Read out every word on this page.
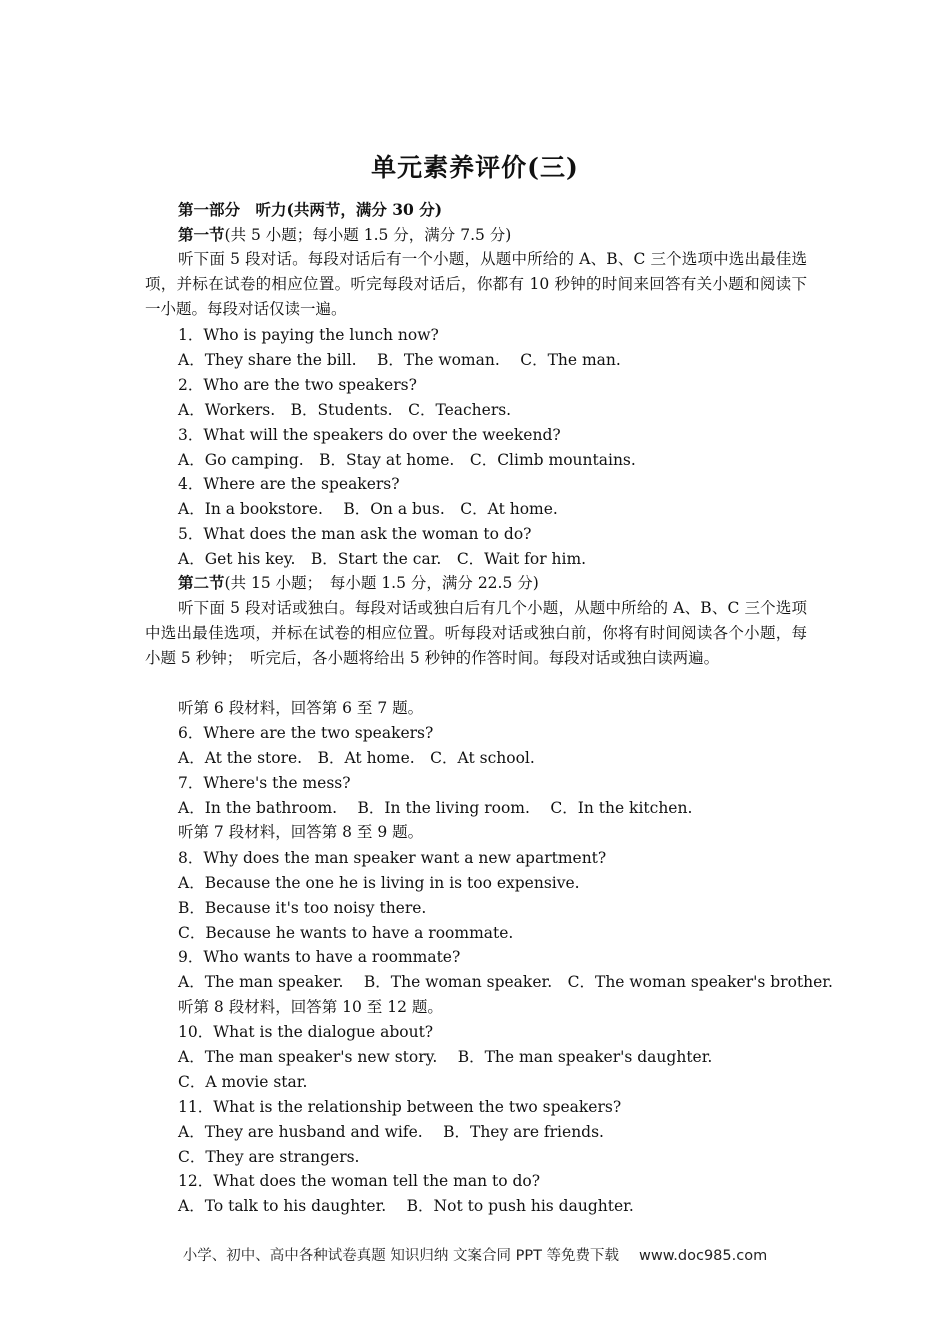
单元素养评价(三)
第一部分　听力(共两节，满分 30 分)
第一节(共 5 小题；每小题 1.5 分，满分 7.5 分)
听下面 5 段对话。每段对话后有一个小题，从题中所给的 A、B、C 三个选项中选出最佳选项，并标在试卷的相应位置。听完每段对话后，你都有 10 秒钟的时间来回答有关小题和阅读下一小题。每段对话仅读一遍。
1．Who is paying the lunch now?
A．They share the bill.　 B．The woman.　 C．The man.
2．Who are the two speakers?
A．Workers.　B．Students.　C．Teachers.
3．What will the speakers do over the weekend?
A．Go camping.　B．Stay at home.　C．Climb mountains.
4．Where are the speakers?
A．In a bookstore.　 B．On a bus.　C．At home.
5．What does the man ask the woman to do?
A．Get his key.　B．Start the car.　C．Wait for him.
第二节(共 15 小题；　每小题 1.5 分，满分 22.5 分)
听下面 5 段对话或独白。每段对话或独白后有几个小题，从题中所给的 A、B、C 三个选项中选出最佳选项，并标在试卷的相应位置。听每段对话或独白前，你将有时间阅读各个小题，每小题 5 秒钟；　听完后，各小题将给出 5 秒钟的作答时间。每段对话或独白读两遍。
听第 6 段材料，回答第 6 至 7 题。
6．Where are the two speakers?
A．At the store.　B．At home.　C．At school.
7．Where's the mess?
A．In the bathroom.　 B．In the living room.　 C．In the kitchen.
听第 7 段材料，回答第 8 至 9 题。
8．Why does the man speaker want a new apartment?
A．Because the one he is living in is too expensive.
B．Because it's too noisy there.
C．Because he wants to have a roommate.
9．Who wants to have a roommate?
A．The man speaker.　 B．The woman speaker.　C．The woman speaker's brother.
听第 8 段材料，回答第 10 至 12 题。
10．What is the dialogue about?
A．The man speaker's new story.　 B．The man speaker's daughter.
C．A movie star.
11．What is the relationship between the two speakers?
A．They are husband and wife.　 B．They are friends.
C．They are strangers.
12．What does the woman tell the man to do?
A．To talk to his daughter.　 B．Not to push his daughter.
小学、初中、高中各种试卷真题 知识归纳 文案合同 PPT 等免费下载 www.doc985.com
